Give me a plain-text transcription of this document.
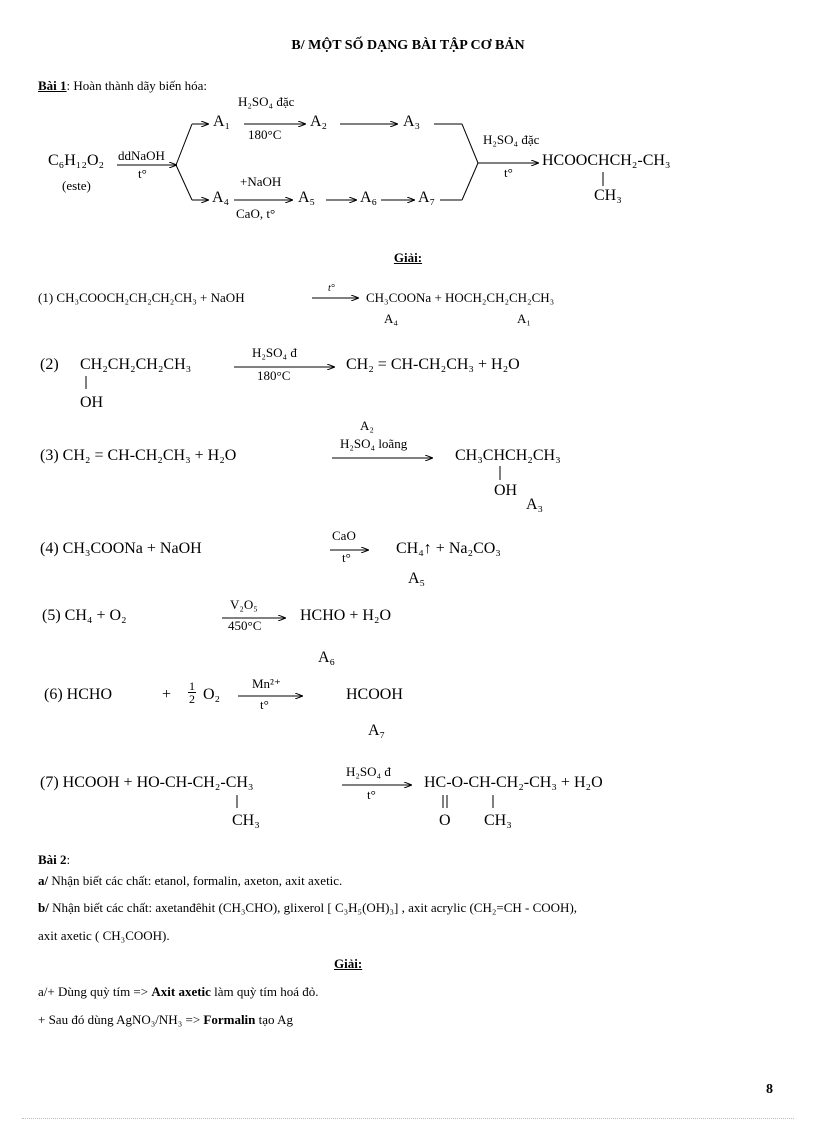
B/ MỘT SỐ DẠNG BÀI TẬP CƠ BẢN
Bài 1: Hoàn thành dãy biến hóa:
C₆H₁₂O₂
(este)
ddNaOH
t°
A₁
H₂SO₄ đặc
180°C
A₂	A₃
A₄
+NaOH
CaO, t°
A₅	A₆	A₇
H₂SO₄ đặc
t°
HCOOCHCH₂-CH₃
CH₃
Giải:
(1) CH₃COOCH₂CH₂CH₂CH₃ + NaOH
t°
CH₃COONa + HOCH₂CH₂CH₂CH₃
A₄	A₁
(2) CH₂CH₂CH₂CH₃
OH
H₂SO₄ đ
180°C
CH₂ = CH-CH₂CH₃ + H₂O
A₂
(3) CH₂ = CH-CH₂CH₃ + H₂O
H₂SO₄ loãng
CH₃CHCH₂CH₃
OH
A₃
(4) CH₃COONa + NaOH
CaO
t°
CH₄↑ + Na₂CO₃
A₅
(5) CH₄ + O₂
V₂O₅
450°C
HCHO + H₂O
A₆
(6) HCHO	+ $\frac{1}{2} O_2$
Mn²⁺
t°
HCOOH
A₇
(7) HCOOH + HO-CH-CH₂-CH₃
CH₃
H₂SO₄ đ
t°
HC-O-CH-CH₂-CH₃ + H₂O
O CH₃
Bài 2:
a/ Nhận biết các chất: etanol, formalin, axeton, axit axetic.
b/ Nhận biết các chất: axetanđêhit (CH₃CHO), glixerol [ C₃H₅(OH)₃] , axit acrylic (CH₂=CH - COOH),
axit axetic ( CH₃COOH).
Giải:
a/+ Dùng quỳ tím => Axit axetic làm quỳ tím hoá đỏ.
+ Sau đó dùng AgNO₃/NH₃ => Formalin tạo Ag
8
